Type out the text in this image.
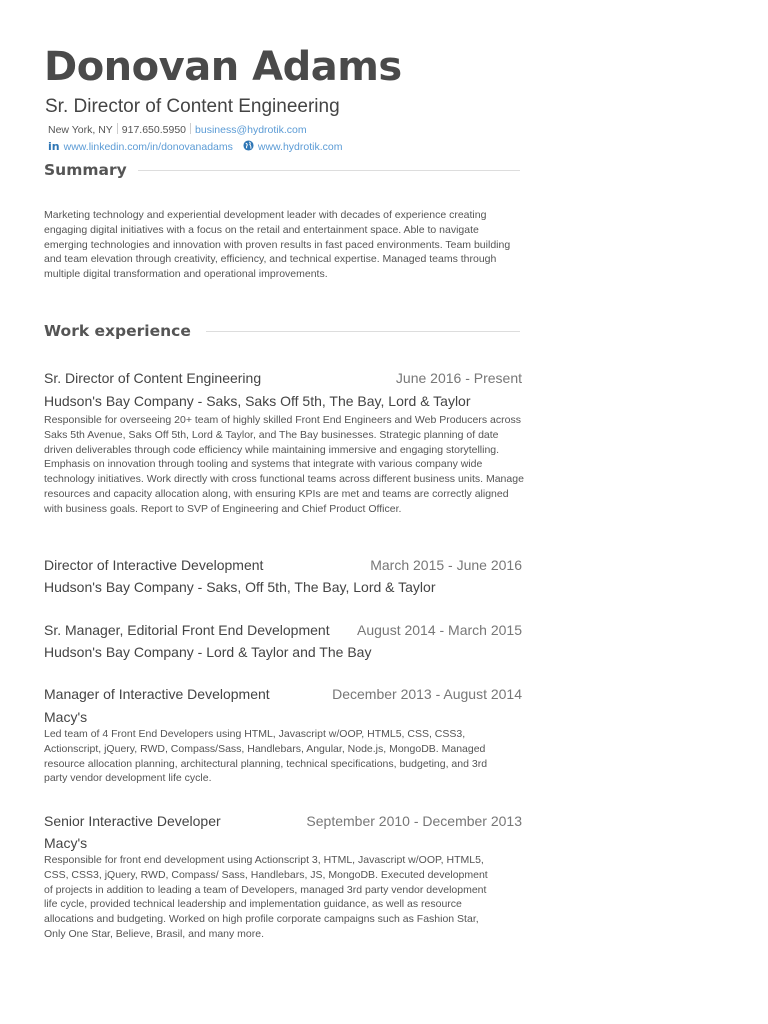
Donovan Adams
Sr. Director of Content Engineering
New York, NY 917.650.5950 business@hydrotik.com
in www.linkedin.com/in/donovanadams www.hydrotik.com
Summary
Marketing technology and experiential development leader with decades of experience creating engaging digital initiatives with a focus on the retail and entertainment space. Able to navigate emerging technologies and innovation with proven results in fast paced environments. Team building and team elevation through creativity, efficiency, and technical expertise. Managed teams through multiple digital transformation and operational improvements.
Work experience
Sr. Director of Content Engineering	June 2016 - Present
Hudson's Bay Company - Saks, Saks Off 5th, The Bay, Lord & Taylor
Responsible for overseeing 20+ team of highly skilled Front End Engineers and Web Producers across Saks 5th Avenue, Saks Off 5th, Lord & Taylor, and The Bay businesses. Strategic planning of date driven deliverables through code efficiency while maintaining immersive and engaging storytelling. Emphasis on innovation through tooling and systems that integrate with various company wide technology initiatives. Work directly with cross functional teams across different business units. Manage resources and capacity allocation along, with ensuring KPIs are met and teams are correctly aligned with business goals. Report to SVP of Engineering and Chief Product Officer.
Director of Interactive Development	March 2015 - June 2016
Hudson's Bay Company - Saks, Off 5th, The Bay, Lord & Taylor
Sr. Manager, Editorial Front End Development August 2014 - March 2015
Hudson's Bay Company - Lord & Taylor and The Bay
Manager of Interactive Development	December 2013 - August 2014
Macy's
Led team of 4 Front End Developers using HTML, Javascript w/OOP, HTML5, CSS, CSS3, Actionscript, jQuery, RWD, Compass/Sass, Handlebars, Angular, Node.js, MongoDB. Managed resource allocation planning, architectural planning, technical specifications, budgeting, and 3rd party vendor development life cycle.
Senior Interactive Developer	September 2010 - December 2013
Macy's
Responsible for front end development using Actionscript 3, HTML, Javascript w/OOP, HTML5, CSS, CSS3, jQuery, RWD, Compass/ Sass, Handlebars, JS, MongoDB. Executed development of projects in addition to leading a team of Developers, managed 3rd party vendor development life cycle, provided technical leadership and implementation guidance, as well as resource allocations and budgeting. Worked on high profile corporate campaigns such as Fashion Star, Only One Star, Believe, Brasil, and many more.
